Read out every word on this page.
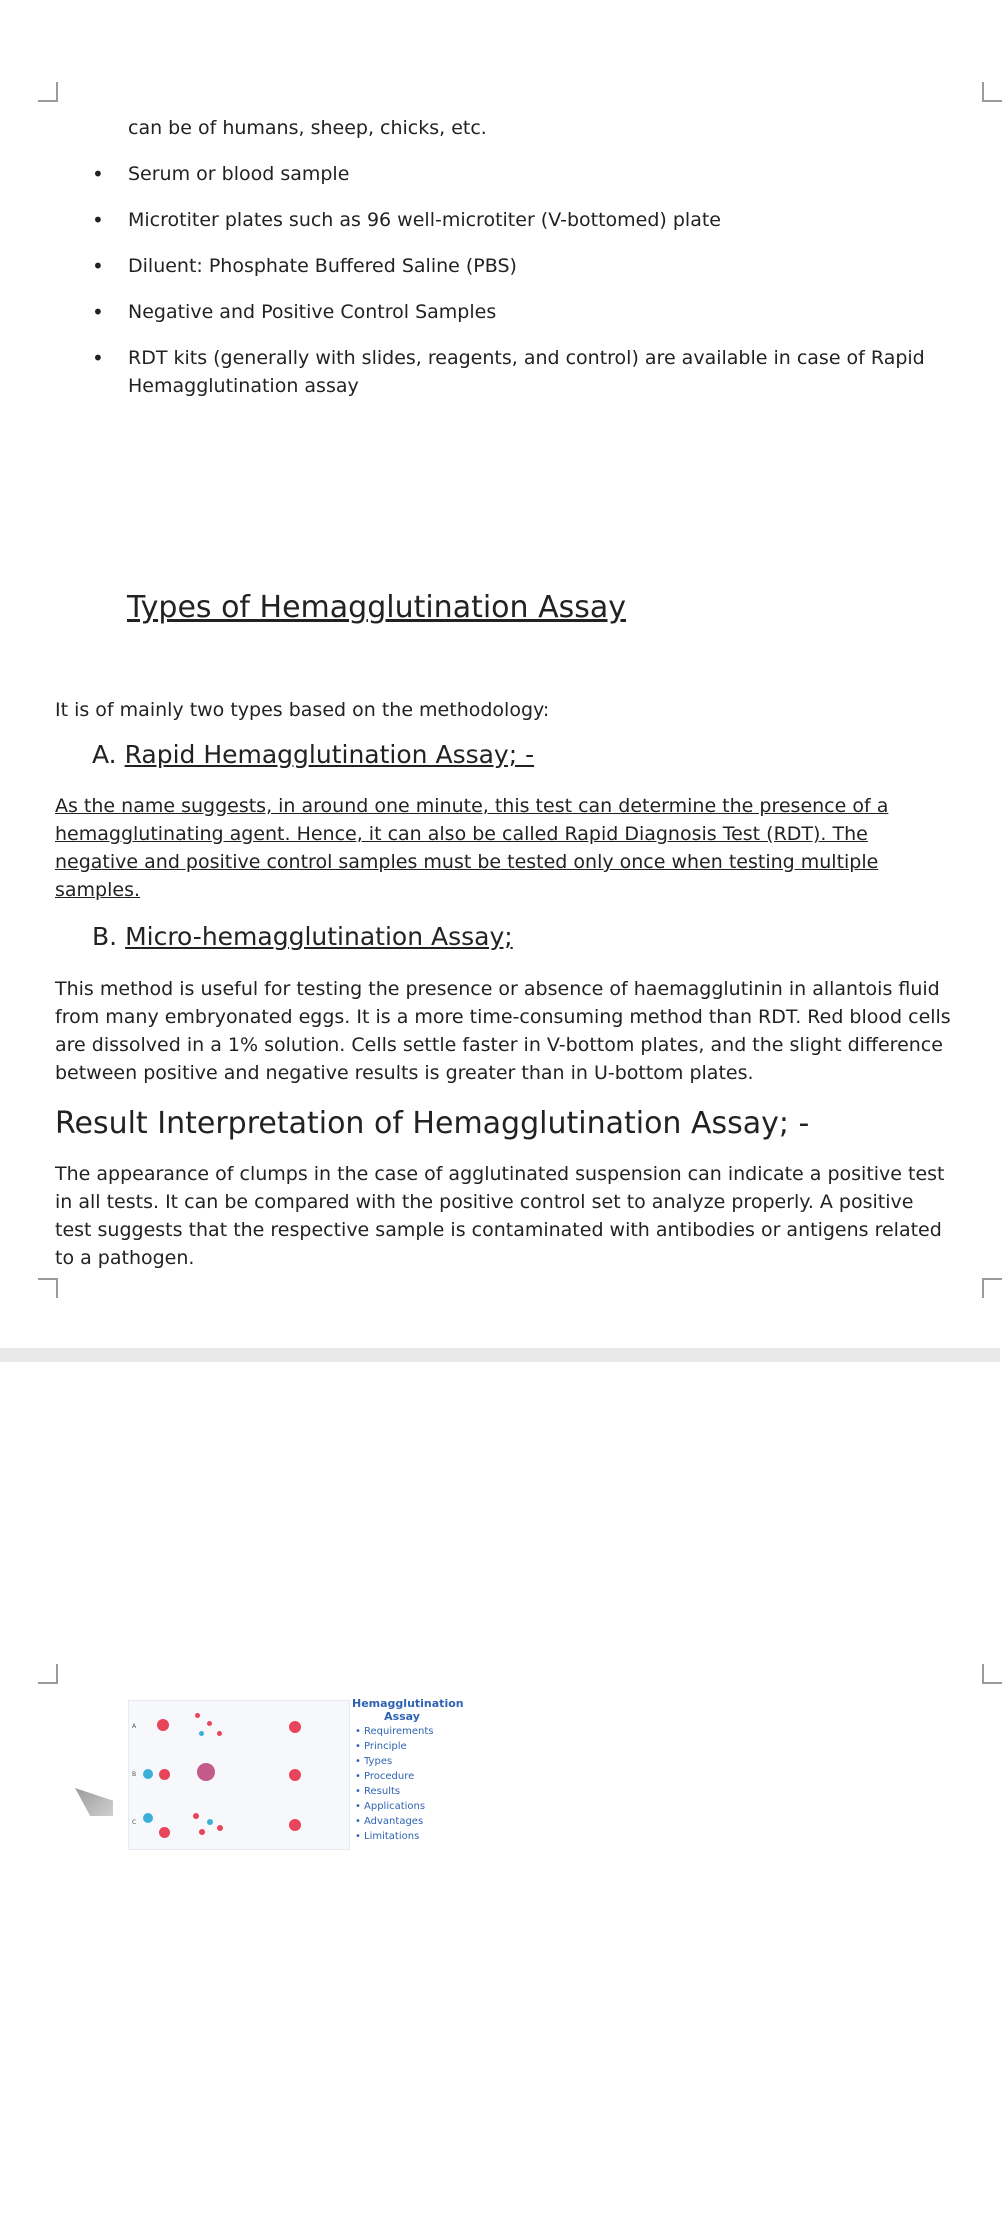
can be of humans, sheep, chicks, etc.

• Serum or blood sample
• Microtiter plates such as 96 well-microtiter (V-bottomed) plate
• Diluent: Phosphate Buffered Saline (PBS)
• Negative and Positive Control Samples
• RDT kits (generally with slides, reagents, and control) are available in case of Rapid Hemagglutination assay
Types of Hemagglutination Assay

It is of mainly two types based on the methodology:

A. Rapid Hemagglutination Assay; -

As the name suggests, in around one minute, this test can determine the presence of a hemagglutinating agent. Hence, it can also be called Rapid Diagnosis Test (RDT). The negative and positive control samples must be tested only once when testing multiple samples.

B. Micro-hemagglutination Assay;

This method is useful for testing the presence or absence of haemagglutinin in allantois fluid from many embryonated eggs. It is a more time-consuming method than RDT. Red blood cells are dissolved in a 1% solution. Cells settle faster in V-bottom plates, and the slight difference between positive and negative results is greater than in U-bottom plates.

Result Interpretation of Hemagglutination Assay; -

The appearance of clumps in the case of agglutinated suspension can indicate a positive test in all tests. It can be compared with the positive control set to analyze properly. A positive test suggests that the respective sample is contaminated with antibodies or antigens related to a pathogen.

A
B
C
Hemagglutination
Assay
• Requirements
• Principle
• Types
• Procedure
• Results
• Applications
• Advantages
• Limitations
